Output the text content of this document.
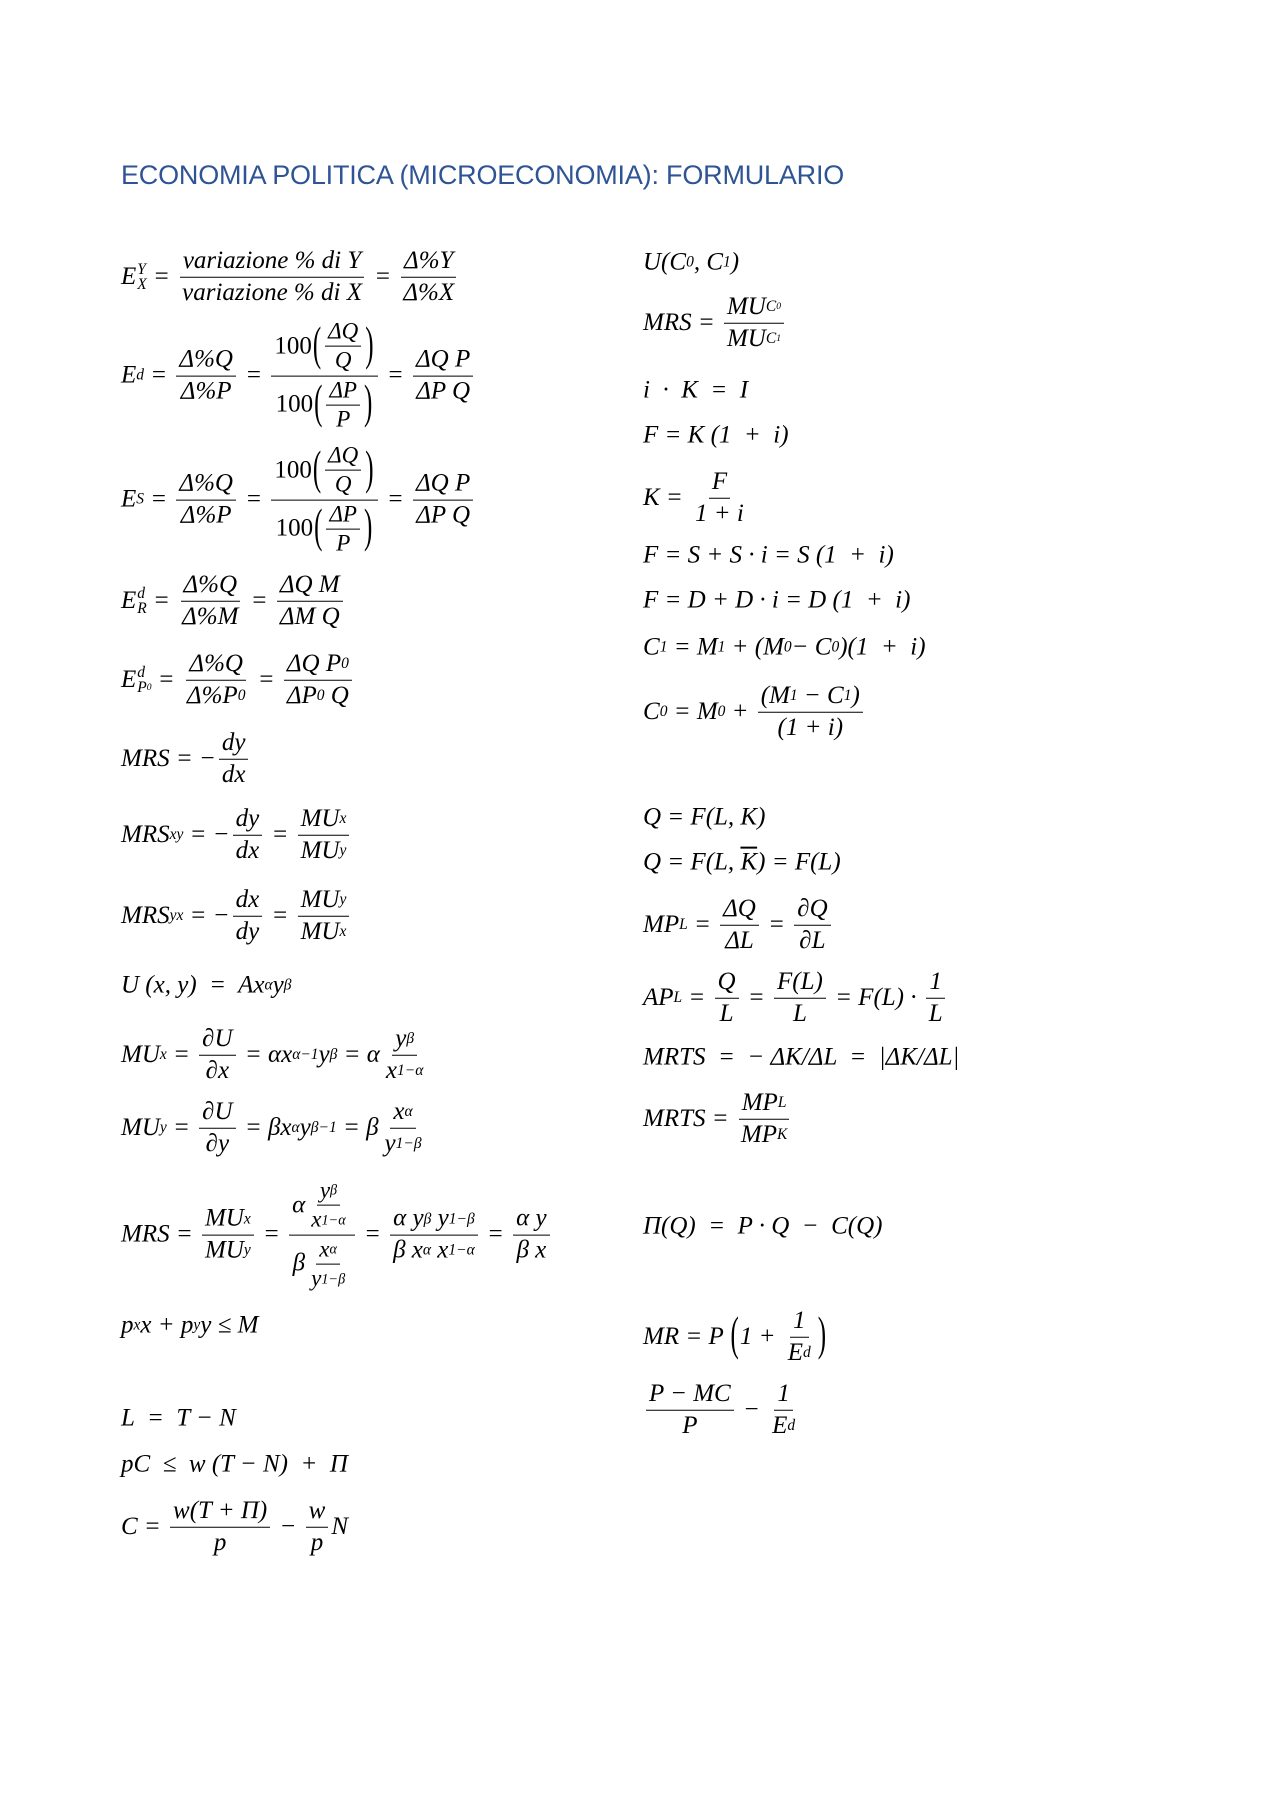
ECONOMIA POLITICA (MICROECONOMIA): FORMULARIO
E Y
$X = \frac{\text{variazione \% di Y}}{\text{variazione \% di X}} = \frac{\Delta\%Y}{\Delta\%X}$
E $d = \frac{\Delta\%Q}{\Delta\%P} = \frac{100 ( \frac{\Delta Q}{Q} )}{100 ( \frac{\Delta P}{P} )} = \frac{\text{ΔQ P}}{\text{ΔP Q}}$
E $S = \frac{\Delta\%Q}{\Delta\%P} = \frac{100 ( \frac{\Delta Q}{Q} )}{100 ( \frac{\Delta P}{P} )} = \frac{\text{ΔQ P}}{\text{ΔP Q}}$
E d
$R = \frac{\Delta\%Q}{\Delta\%M} = \frac{\text{ΔQ M}}{\text{ΔM Q}}$
E d
P $0 = \frac{\Delta\%Q}{\Delta\% P 0} = \frac{\text{ΔQ P 0}}{\text{Δ P 0 Q}}$
MRS = − $\frac{dy}{dx}$
MRS xy = − $\frac{dy}{dx} = \frac{\text{MU x}}{\text{MU y}}$
MRS yx = − $\frac{dx}{dy} = \frac{\text{MU y}}{\text{MU x}}$
U (x, y)  =  A x α y β
MU $x = \frac{\partial U}{\partial x} = \alpha$ x α−1 y β = α $\frac{\text{y β}}{x 1-\alpha}$
MU $y = \frac{\partial U}{\partial y} = \beta$ x α y β−1 = β $\frac{\text{x α}}{y 1-\beta}$
MRS = $\frac{\text{MU x}}{\text{MU y}} = \frac{\alpha \frac{\text{y β}}{x 1-\alpha}}{\beta \frac{\text{x α}}{y 1-\beta}} = \alpha$ y β
y 1−β
β x α
x $1-\alpha = \frac{\text{α y}}{\text{β x}}$
p x x + p y y ≤ M
L  =  T − N
pC  ≤  w (T − N)  +  Π
$C = \frac{w(T + \Pi)}{p} - \frac{w}{p}$ N
U( C 0 , C 1 )
MRS = $\frac{\text{MU C 0}}{\text{MU C 1}}$
i  ·  K  =  I
F = K (1  +  i)
$K = \frac{F}{1 + i}$
F = S + S · i = S (1  +  i)
F = D + D · i = D (1  +  i)
C 1 = M 1 + ( M 0 − C 0 )(1  +  i)
C 0 = M $0 + \frac{( M 1 - C 1 )}{(1 + i)}$
Q = F(L, K)
Q = F(L, $\overline{K}$ ) = F(L)
MP $L = \frac{\Delta Q}{\Delta L} = \frac{\partial Q}{\partial L}$
AP $L = \frac{Q}{L} = \frac{F(L)}{L} = F(L) \cdot \frac{1}{L}$
MRTS  =  − ΔK/ΔL  =  |ΔK/ΔL|
MRTS = $\frac{\text{MP L}}{\text{MP K}}$
Π(Q)  =  P · Q  −  C(Q)
MR = P ( $1 + \frac{1}{\text{E d}}$ )
$\frac{P - MC}{P} - \frac{1}{\text{E d}}$
